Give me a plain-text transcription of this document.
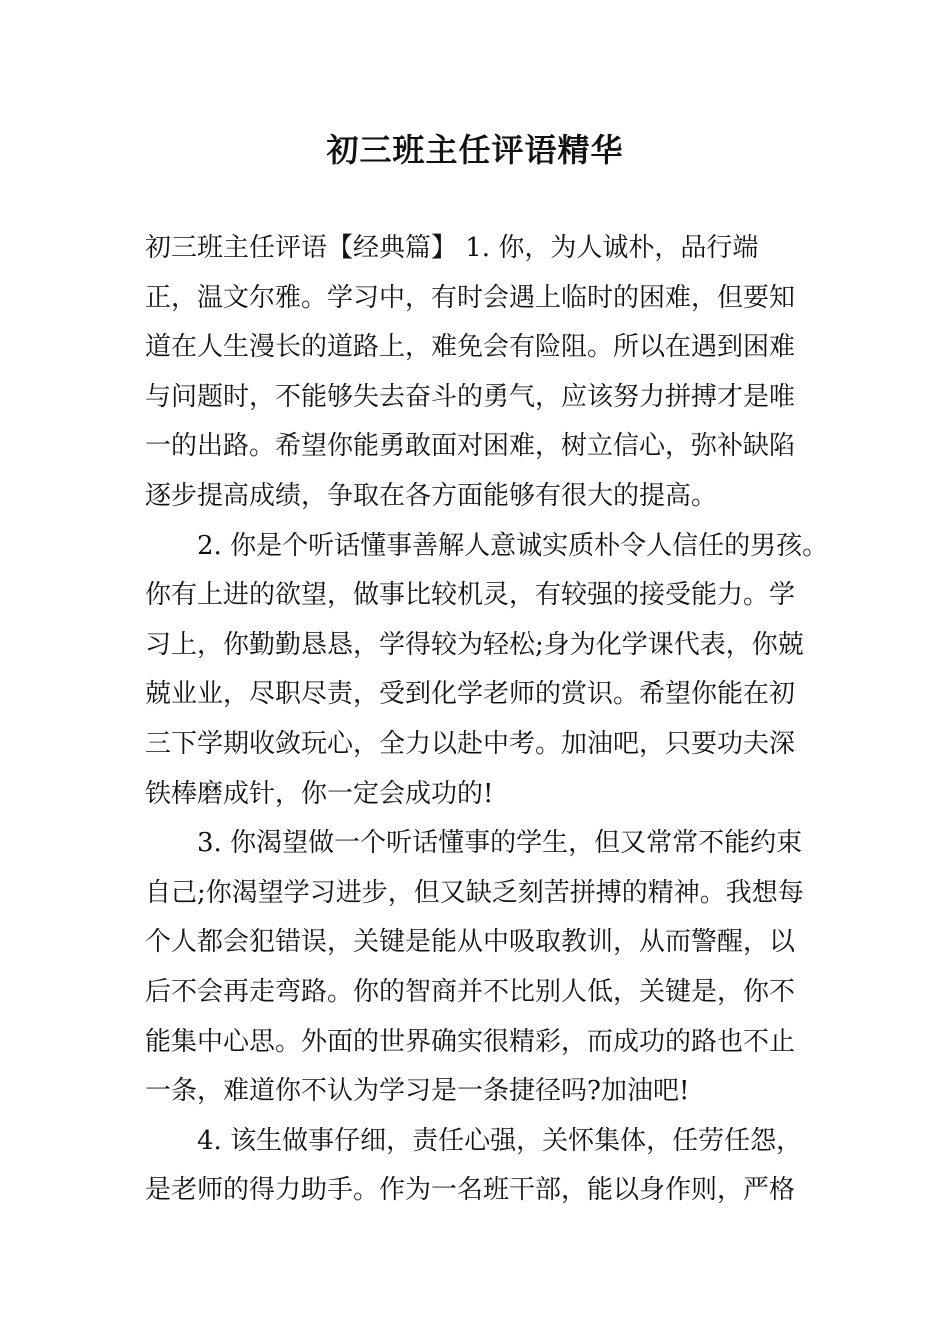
初三班主任评语精华
初三班主任评语【经典篇】 1. 你，为人诚朴，品行端
正，温文尔雅。学习中，有时会遇上临时的困难，但要知
道在人生漫长的道路上，难免会有险阻。所以在遇到困难
与问题时，不能够失去奋斗的勇气，应该努力拼搏才是唯
一的出路。希望你能勇敢面对困难，树立信心，弥补缺陷
逐步提高成绩，争取在各方面能够有很大的提高。
2. 你是个听话懂事善解人意诚实质朴令人信任的男孩。
你有上进的欲望，做事比较机灵，有较强的接受能力。学
习上，你勤勤恳恳，学得较为轻松;身为化学课代表，你兢
兢业业，尽职尽责，受到化学老师的赏识。希望你能在初
三下学期收敛玩心，全力以赴中考。加油吧，只要功夫深
铁棒磨成针，你一定会成功的!
3. 你渴望做一个听话懂事的学生，但又常常不能约束
自己;你渴望学习进步，但又缺乏刻苦拼搏的精神。我想每
个人都会犯错误，关键是能从中吸取教训，从而警醒，以
后不会再走弯路。你的智商并不比别人低，关键是，你不
能集中心思。外面的世界确实很精彩，而成功的路也不止
一条，难道你不认为学习是一条捷径吗?加油吧!
4. 该生做事仔细，责任心强，关怀集体，任劳任怨，
是老师的得力助手。作为一名班干部，能以身作则，严格
